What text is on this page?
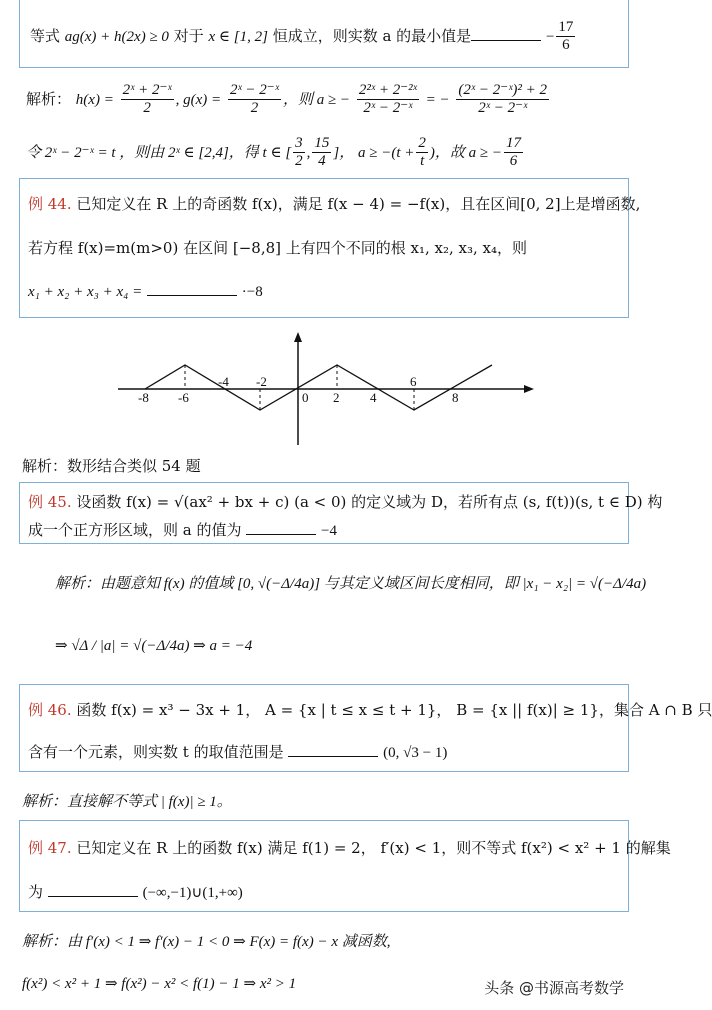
等式 ag(x) + h(2x) ≥ 0 对于 x ∈ [1, 2] 恒成立，则实数 a 的最小值是	− $\frac{17}{6}$
解析： $h(x) = \frac{\text{2ˣ + 2⁻ˣ}}{2}$ , $g(x) = \frac{\text{2ˣ − 2⁻ˣ}}{2}$ ，则 a ≥ − $\frac{\text{2²ˣ + 2⁻²ˣ}}{\text{2ˣ − 2⁻ˣ}}$ = − $\frac{\text{(2ˣ − 2⁻ˣ)² + 2}}{\text{2ˣ − 2⁻ˣ}}$
令 2ˣ − 2⁻ˣ = t ，则由 2ˣ ∈ [2,4]，得 t ∈ [ $\frac{3}{2}$ , $\frac{15}{4}$ ]， $a \ge -(t + \frac{2}{t}$ )，故 a ≥ − $\frac{17}{6}$
例 44. 已知定义在 R 上的奇函数 f(x)，满足 f(x − 4) = −f(x)，且在区间[0, 2]上是增函数,
若方程 f(x)=m(m>0) 在区间 [−8,8] 上有四个不同的根 x₁, x₂, x₃, x₄，则
x₁ + x₂ + x₃ + x₄ =	·−8
-8 -6
-4 -2
0 2 4
6
8
解析：数形结合类似 54 题
例 45. 设函数 f(x) = √(ax² + bx + c) (a < 0) 的定义域为 D，若所有点 (s, f(t))(s, t ∈ D) 构
成一个正方形区域，则 a 的值为	−4
解析：由题意知 f(x) 的值域 [0, √(−Δ/4a)] 与其定义域区间长度相同，即 |x₁ − x₂| = √(−Δ/4a)
⇒ √Δ / |a| = √(−Δ/4a) ⇒ a = −4
例 46. 函数 f(x) = x³ − 3x + 1， A = {x | t ≤ x ≤ t + 1}， B = {x || f(x)| ≥ 1}，集合 A ∩ B 只
含有一个元素，则实数 t 的取值范围是	(0, √3 − 1)
解析：直接解不等式 | f(x)| ≥ 1。
例 47. 已知定义在 R 上的函数 f(x) 满足 f(1) = 2， f′(x) < 1，则不等式 f(x²) < x² + 1 的解集
为	(−∞,−1)∪(1,+∞)
解析：由 f′(x) < 1 ⇒ f′(x) − 1 < 0 ⇒ F(x) = f(x) − x 减函数,
f(x²) < x² + 1 ⇒ f(x²) − x² < f(1) − 1 ⇒ x² > 1	头条 @书源高考数学
